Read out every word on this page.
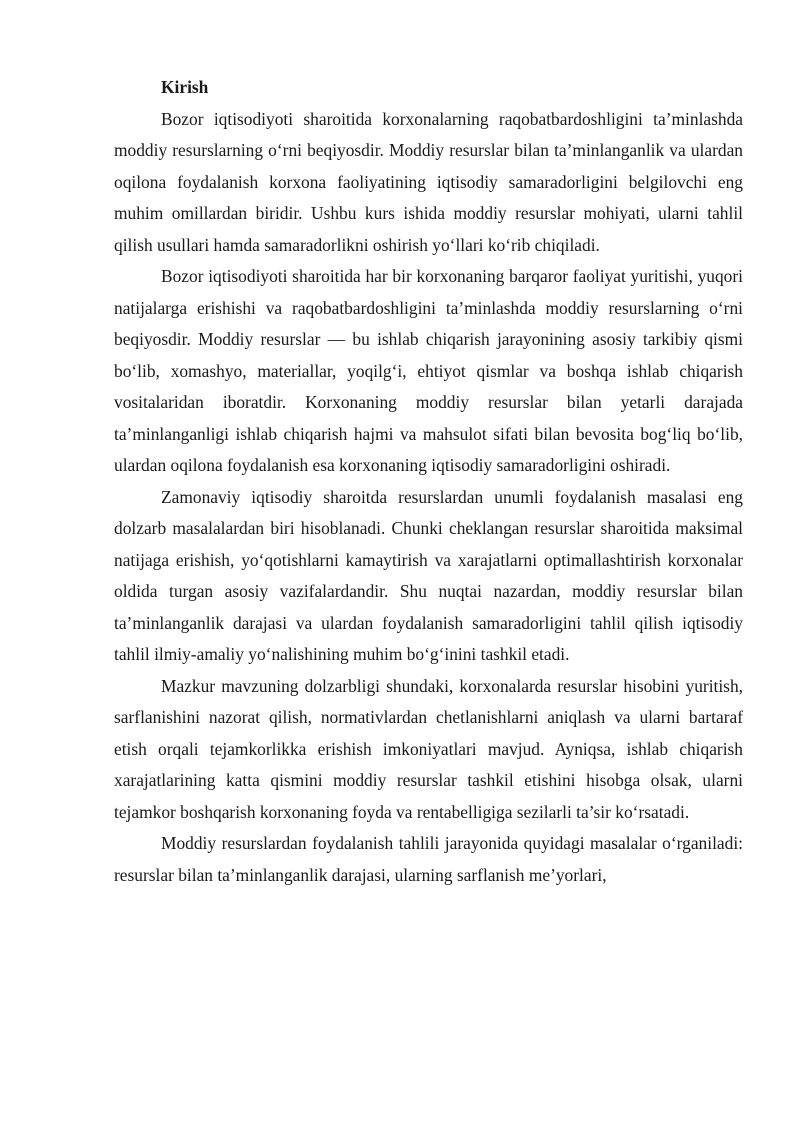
Kirish

Bozor iqtisodiyoti sharoitida korxonalarning raqobatbardoshligini ta’minlashda moddiy resurslarning o‘rni beqiyosdir. Moddiy resurslar bilan ta’minlanganlik va ulardan oqilona foydalanish korxona faoliyatining iqtisodiy samaradorligini belgilovchi eng muhim omillardan biridir. Ushbu kurs ishida moddiy resurslar mohiyati, ularni tahlil qilish usullari hamda samaradorlikni oshirish yo‘llari ko‘rib chiqiladi.

Bozor iqtisodiyoti sharoitida har bir korxonaning barqaror faoliyat yuritishi, yuqori natijalarga erishishi va raqobatbardoshligini ta’minlashda moddiy resurslarning o‘rni beqiyosdir. Moddiy resurslar — bu ishlab chiqarish jarayonining asosiy tarkibiy qismi bo‘lib, xomashyo, materiallar, yoqilg‘i, ehtiyot qismlar va boshqa ishlab chiqarish vositalaridan iboratdir. Korxonaning moddiy resurslar bilan yetarli darajada ta’minlanganligi ishlab chiqarish hajmi va mahsulot sifati bilan bevosita bog‘liq bo‘lib, ulardan oqilona foydalanish esa korxonaning iqtisodiy samaradorligini oshiradi.

Zamonaviy iqtisodiy sharoitda resurslardan unumli foydalanish masalasi eng dolzarb masalalardan biri hisoblanadi. Chunki cheklangan resurslar sharoitida maksimal natijaga erishish, yo‘qotishlarni kamaytirish va xarajatlarni optimallashtirish korxonalar oldida turgan asosiy vazifalardandir. Shu nuqtai nazardan, moddiy resurslar bilan ta’minlanganlik darajasi va ulardan foydalanish samaradorligini tahlil qilish iqtisodiy tahlil ilmiy-amaliy yo‘nalishining muhim bo‘g‘inini tashkil etadi.

Mazkur mavzuning dolzarbligi shundaki, korxonalarda resurslar hisobini yuritish, sarflanishini nazorat qilish, normativlardan chetlanishlarni aniqlash va ularni bartaraf etish orqali tejamkorlikka erishish imkoniyatlari mavjud. Ayniqsa, ishlab chiqarish xarajatlarining katta qismini moddiy resurslar tashkil etishini hisobga olsak, ularni tejamkor boshqarish korxonaning foyda va rentabelligiga sezilarli ta’sir ko‘rsatadi.

Moddiy resurslardan foydalanish tahlili jarayonida quyidagi masalalar o‘rganiladi: resurslar bilan ta’minlanganlik darajasi, ularning sarflanish me’yorlari,
